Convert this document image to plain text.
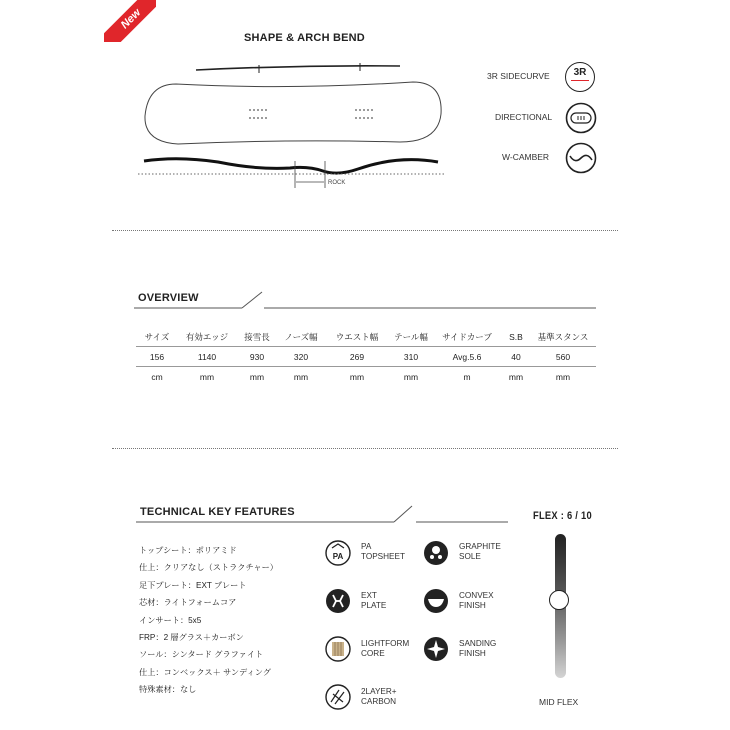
New
SHAPE & ARCH BEND
ROCK
3R SIDECURVE	3R
DIRECTIONAL
W-CAMBER
OVERVIEW
サイズ	有効エッジ	接雪長	ノーズ幅	ウエスト幅	テール幅	サイドカーブ	S.B	基準スタンス
156	1140	930	320	269	310	Avg.5.6	40	560
cm	mm	mm	mm	mm	mm	m	mm	mm
TECHNICAL KEY FEATURES
トップシート：ポリアミド
仕上：クリアなし（ストラクチャー）
足下プレート：EXT プレート
芯材：ライトフォームコア
インサート：5x5
FRP：2 層グラス＋カーボン
ソール：シンタード グラファイト
仕上：コンベックス＋ サンディング
特殊素材：なし
PA
PA
TOPSHEET
EXT
PLATE
LIGHTFORM
CORE
2LAYER+
CARBON
GRAPHITE
SOLE
CONVEX
FINISH
SANDING
FINISH
FLEX : 6 / 10
MID FLEX
